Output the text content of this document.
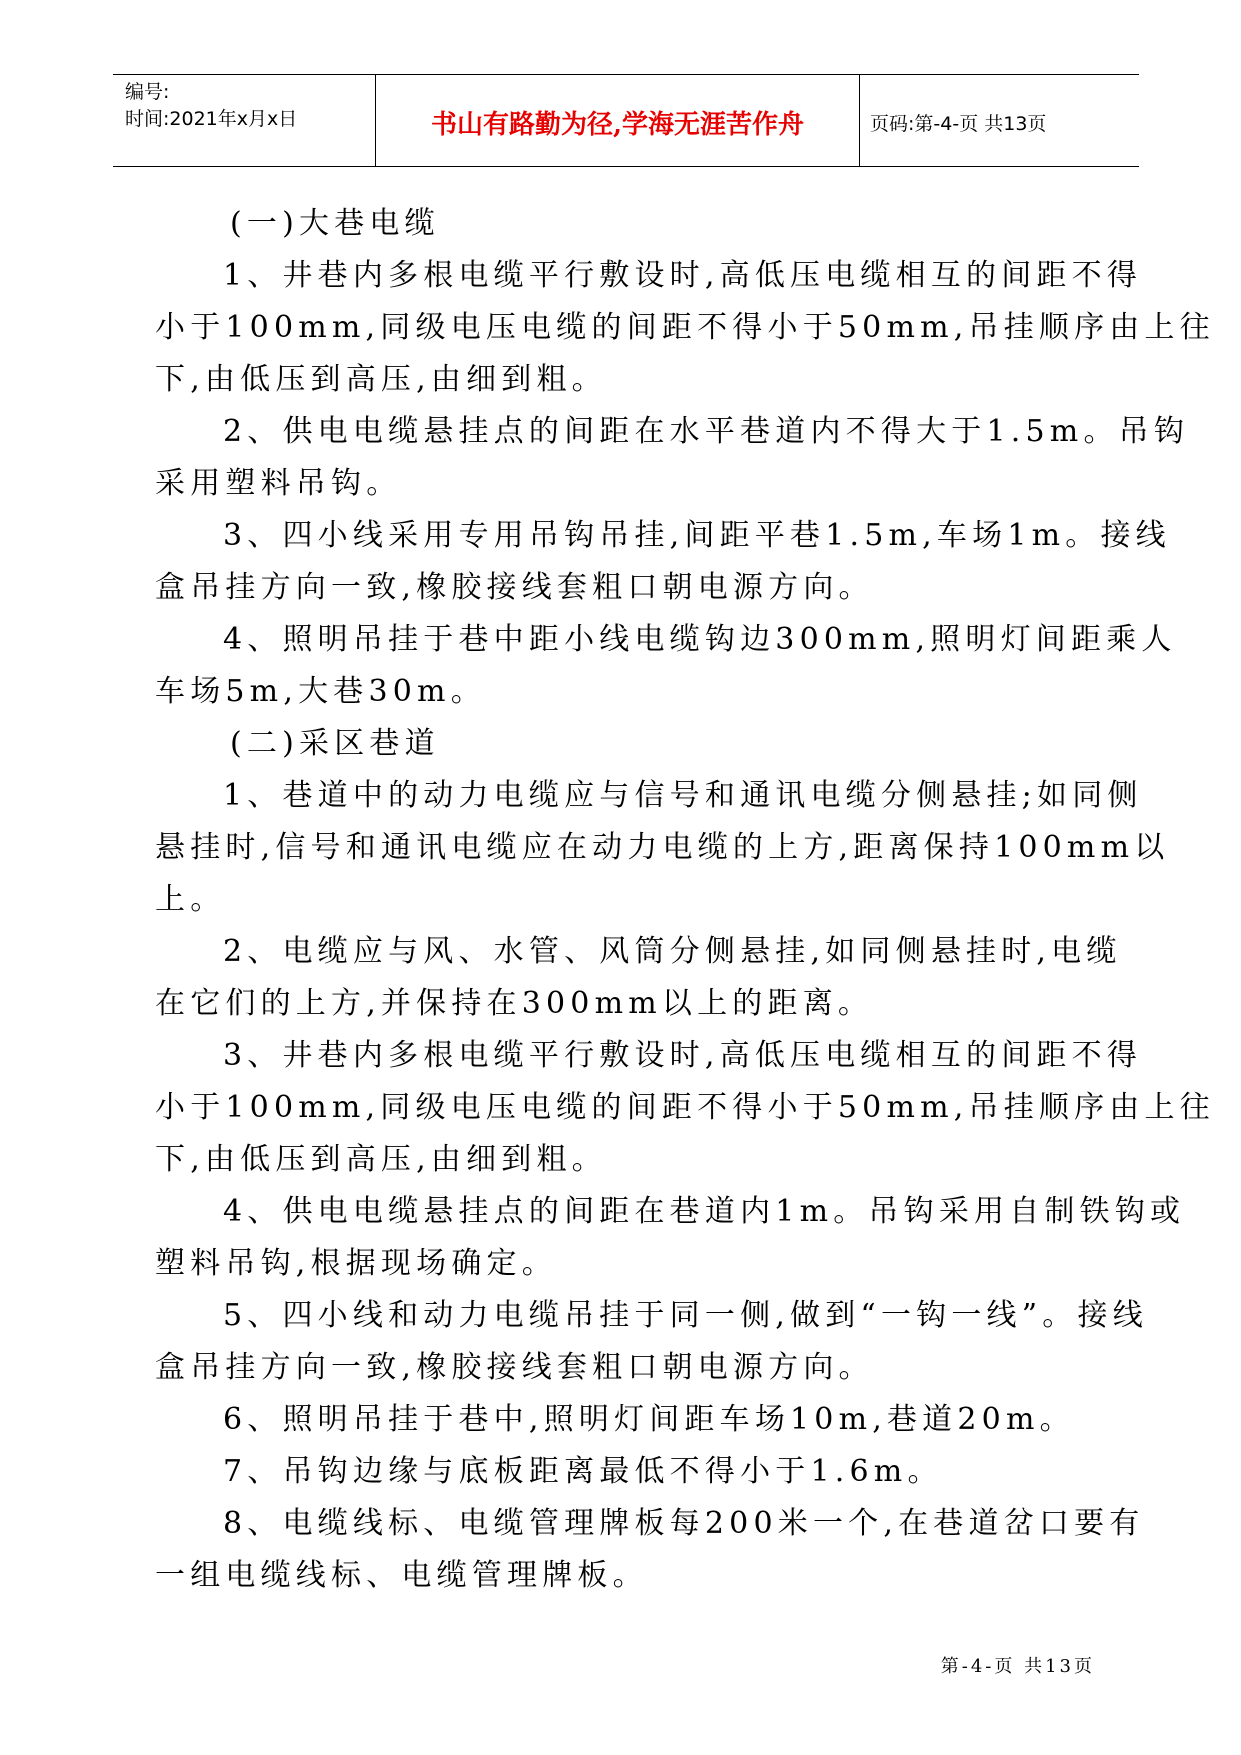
编号:
时间:2021年x月x日	书山有路勤为径,学海无涯苦作舟	页码:第-4-页 共13页
(一)大巷电缆
1、井巷内多根电缆平行敷设时,高低压电缆相互的间距不得
小于100mm,同级电压电缆的间距不得小于50mm,吊挂顺序由上往
下,由低压到高压,由细到粗。
2、供电电缆悬挂点的间距在水平巷道内不得大于1.5m。吊钩
采用塑料吊钩。
3、四小线采用专用吊钩吊挂,间距平巷1.5m,车场1m。接线
盒吊挂方向一致,橡胶接线套粗口朝电源方向。
4、照明吊挂于巷中距小线电缆钩边300mm,照明灯间距乘人
车场5m,大巷30m。
(二)采区巷道
1、巷道中的动力电缆应与信号和通讯电缆分侧悬挂;如同侧
悬挂时,信号和通讯电缆应在动力电缆的上方,距离保持100mm以
上。
2、电缆应与风、水管、风筒分侧悬挂,如同侧悬挂时,电缆
在它们的上方,并保持在300mm以上的距离。
3、井巷内多根电缆平行敷设时,高低压电缆相互的间距不得
小于100mm,同级电压电缆的间距不得小于50mm,吊挂顺序由上往
下,由低压到高压,由细到粗。
4、供电电缆悬挂点的间距在巷道内1m。吊钩采用自制铁钩或
塑料吊钩,根据现场确定。
5、四小线和动力电缆吊挂于同一侧,做到“一钩一线”。接线
盒吊挂方向一致,橡胶接线套粗口朝电源方向。
6、照明吊挂于巷中,照明灯间距车场10m,巷道20m。
7、吊钩边缘与底板距离最低不得小于1.6m。
8、电缆线标、电缆管理牌板每200米一个,在巷道岔口要有
一组电缆线标、电缆管理牌板。
第-4-页 共13页
